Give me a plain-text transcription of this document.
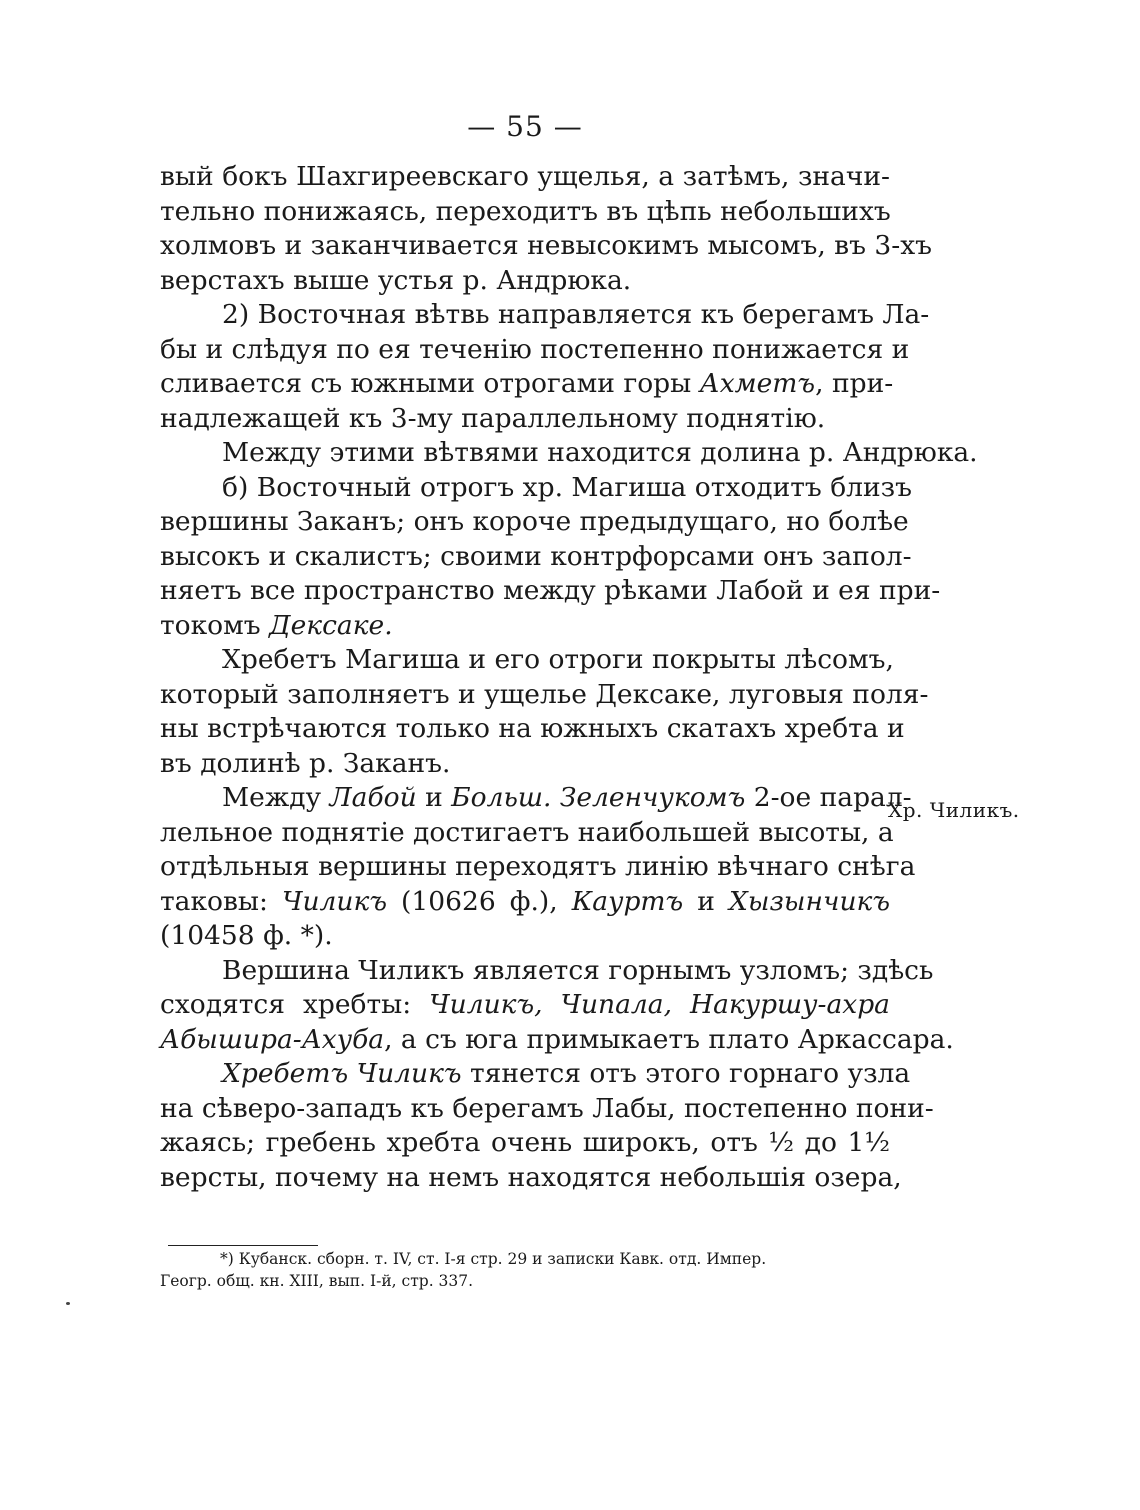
— 55 —
вый бокъ Шахгиреевскаго ущелья, а затѣмъ, значи-
тельно понижаясь, переходитъ въ цѣпь небольшихъ
холмовъ и заканчивается невысокимъ мысомъ, въ 3-хъ
верстахъ выше устья р. Андрюка.
2) Восточная вѣтвь направляется къ берегамъ Ла-
бы и слѣдуя по ея теченію постепенно понижается и
сливается съ южными отрогами горы Ахметъ, при-
надлежащей къ 3-му параллельному поднятію.
Между этими вѣтвями находится долина р. Андрюка.
б) Восточный отрогъ хр. Магиша отходитъ близъ
вершины Заканъ; онъ короче предыдущаго, но болѣе
высокъ и скалистъ; своими контрфорсами онъ запол-
няетъ все пространство между рѣками Лабой и ея при-
токомъ Дексаке.
Хребетъ Магиша и его отроги покрыты лѣсомъ,
который заполняетъ и ущелье Дексаке, луговыя поля-
ны встрѣчаются только на южныхъ скатахъ хребта и
въ долинѣ р. Заканъ.
Между Лабой и Больш. Зеленчукомъ 2-ое парал-
лельное поднятіе достигаетъ наибольшей высоты, а
отдѣльныя вершины переходятъ линію вѣчнаго снѣга
таковы: Чиликъ (10626 ф.), Кауртъ и Хызынчикъ
(10458 ф. *).
Вершина Чиликъ является горнымъ узломъ; здѣсь
сходятся хребты: Чиликъ, Чипала, Накуршу-ахра
Абышира-Ахуба, а съ юга примыкаетъ плато Аркассара.
Хребетъ Чиликъ тянется отъ этого горнаго узла
на сѣверо-западъ къ берегамъ Лабы, постепенно пони-
жаясь; гребень хребта очень широкъ, отъ ½ до 1½
версты, почему на немъ находятся небольшія озера,
Хр. Чиликъ.
*) Кубанск. сборн. т. IV, ст. I-я стр. 29 и записки Кавк. отд. Импер.
Геогр. общ. кн. XIII, вып. I-й, стр. 337.
